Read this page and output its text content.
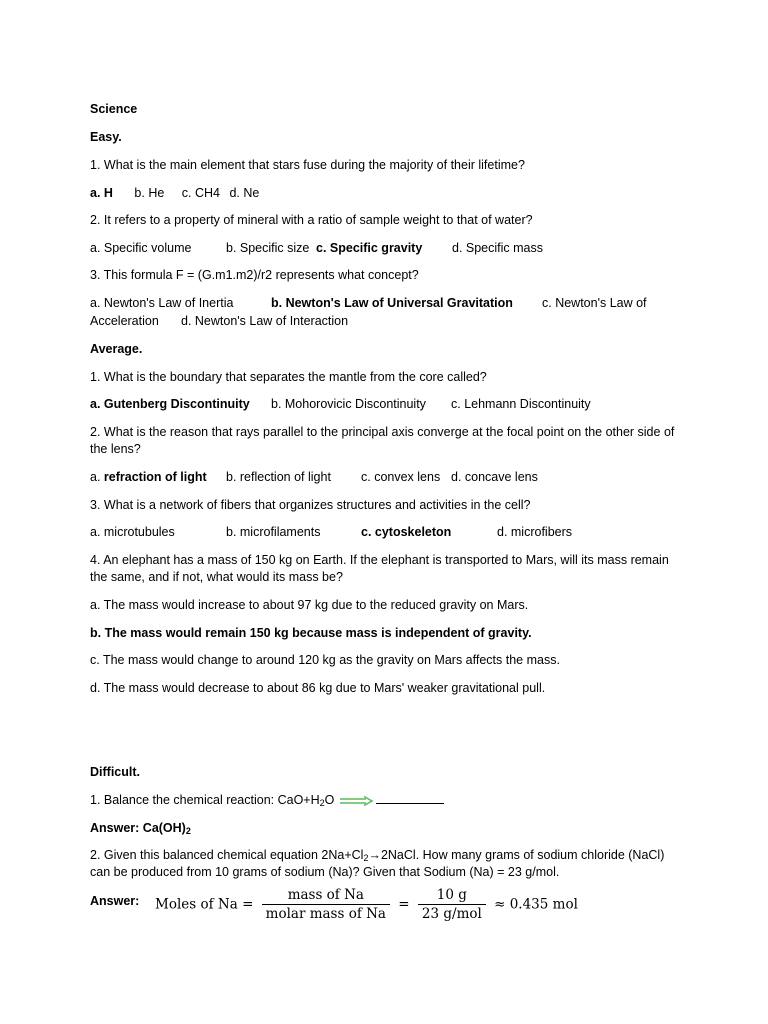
Science
Easy.
1. What is the main element that stars fuse during the majority of their lifetime?
a. H b. He c. CH4 d. Ne
2. It refers to a property of mineral with a ratio of sample weight to that of water?
a. Specific volume	b. Specific size c. Specific gravity d. Specific mass
3. This formula F = (G.m1.m2)/r2 represents what concept?
a. Newton's Law of Inertia	b. Newton's Law of Universal Gravitation c. Newton's Law of
Acceleration d. Newton's Law of Interaction
Average.
1. What is the boundary that separates the mantle from the core called?
a. Gutenberg Discontinuity b. Mohorovicic Discontinuity c. Lehmann Discontinuity
2. What is the reason that rays parallel to the principal axis converge at the focal point on the other side of the lens?
a. refraction of light b. reflection of light c. convex lens d. concave lens
3. What is a network of fibers that organizes structures and activities in the cell?
a. microtubules	b. microfilaments	c. cytoskeleton	d. microfibers
4. An elephant has a mass of 150 kg on Earth. If the elephant is transported to Mars, will its mass remain the same, and if not, what would its mass be?
a. The mass would increase to about 97 kg due to the reduced gravity on Mars.
b. The mass would remain 150 kg because mass is independent of gravity.
c. The mass would change to around 120 kg as the gravity on Mars affects the mass.
d. The mass would decrease to about 86 kg due to Mars' weaker gravitational pull.
Difficult.
1. Balance the chemical reaction: $CaO+H_2O$
Answer: $Ca(OH)_2$
2. Given this balanced chemical equation $2Na+Cl_2\to 2NaCl$. How many grams of sodium chloride (NaCl) can be produced from 10 grams of sodium (Na)? Given that Sodium (Na) = 23 g/mol.
Answer: Moles of $Na = \frac{\text{mass of Na}}{\text{molar mass of Na}} = \frac{10 g}{\text{23 g/mol}} \approx 0.435$ mol
